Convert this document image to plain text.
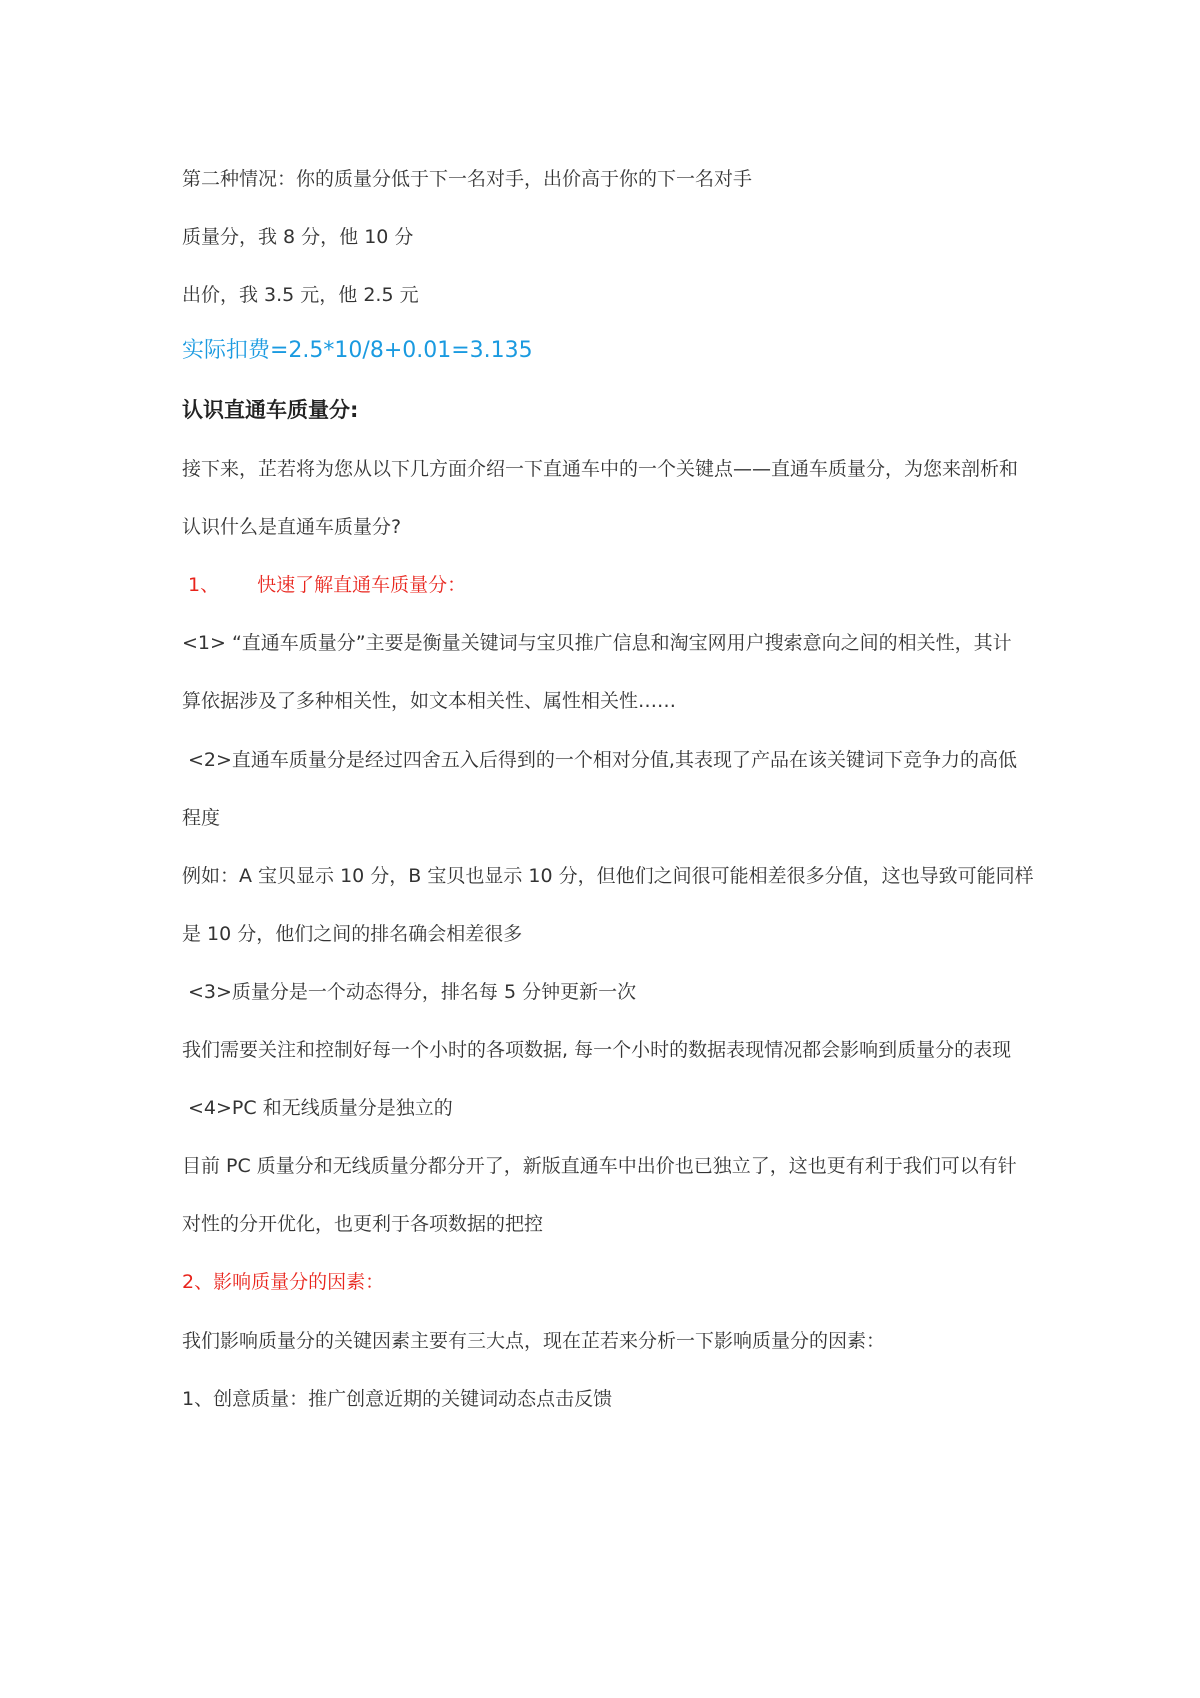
第二种情况：你的质量分低于下一名对手，出价高于你的下一名对手
质量分，我 8 分，他 10 分
出价，我 3.5 元，他 2.5 元
实际扣费=2.5*10/8+0.01=3.135
认识直通车质量分:
接下来，芷若将为您从以下几方面介绍一下直通车中的一个关键点——直通车质量分，为您来剖析和
认识什么是直通车质量分?
1、 快速了解直通车质量分：
<1> “直通车质量分”主要是衡量关键词与宝贝推广信息和淘宝网用户搜索意向之间的相关性，其计
算依据涉及了多种相关性，如文本相关性、属性相关性……
<2>直通车质量分是经过四舍五入后得到的一个相对分值,其表现了产品在该关键词下竞争力的高低
程度
例如：A 宝贝显示 10 分，B 宝贝也显示 10 分，但他们之间很可能相差很多分值，这也导致可能同样
是 10 分，他们之间的排名确会相差很多
<3>质量分是一个动态得分，排名每 5 分钟更新一次
我们需要关注和控制好每一个小时的各项数据, 每一个小时的数据表现情况都会影响到质量分的表现
<4>PC 和无线质量分是独立的
目前 PC 质量分和无线质量分都分开了，新版直通车中出价也已独立了，这也更有利于我们可以有针
对性的分开优化，也更利于各项数据的把控
2、影响质量分的因素：
我们影响质量分的关键因素主要有三大点，现在芷若来分析一下影响质量分的因素：
1、创意质量：推广创意近期的关键词动态点击反馈
